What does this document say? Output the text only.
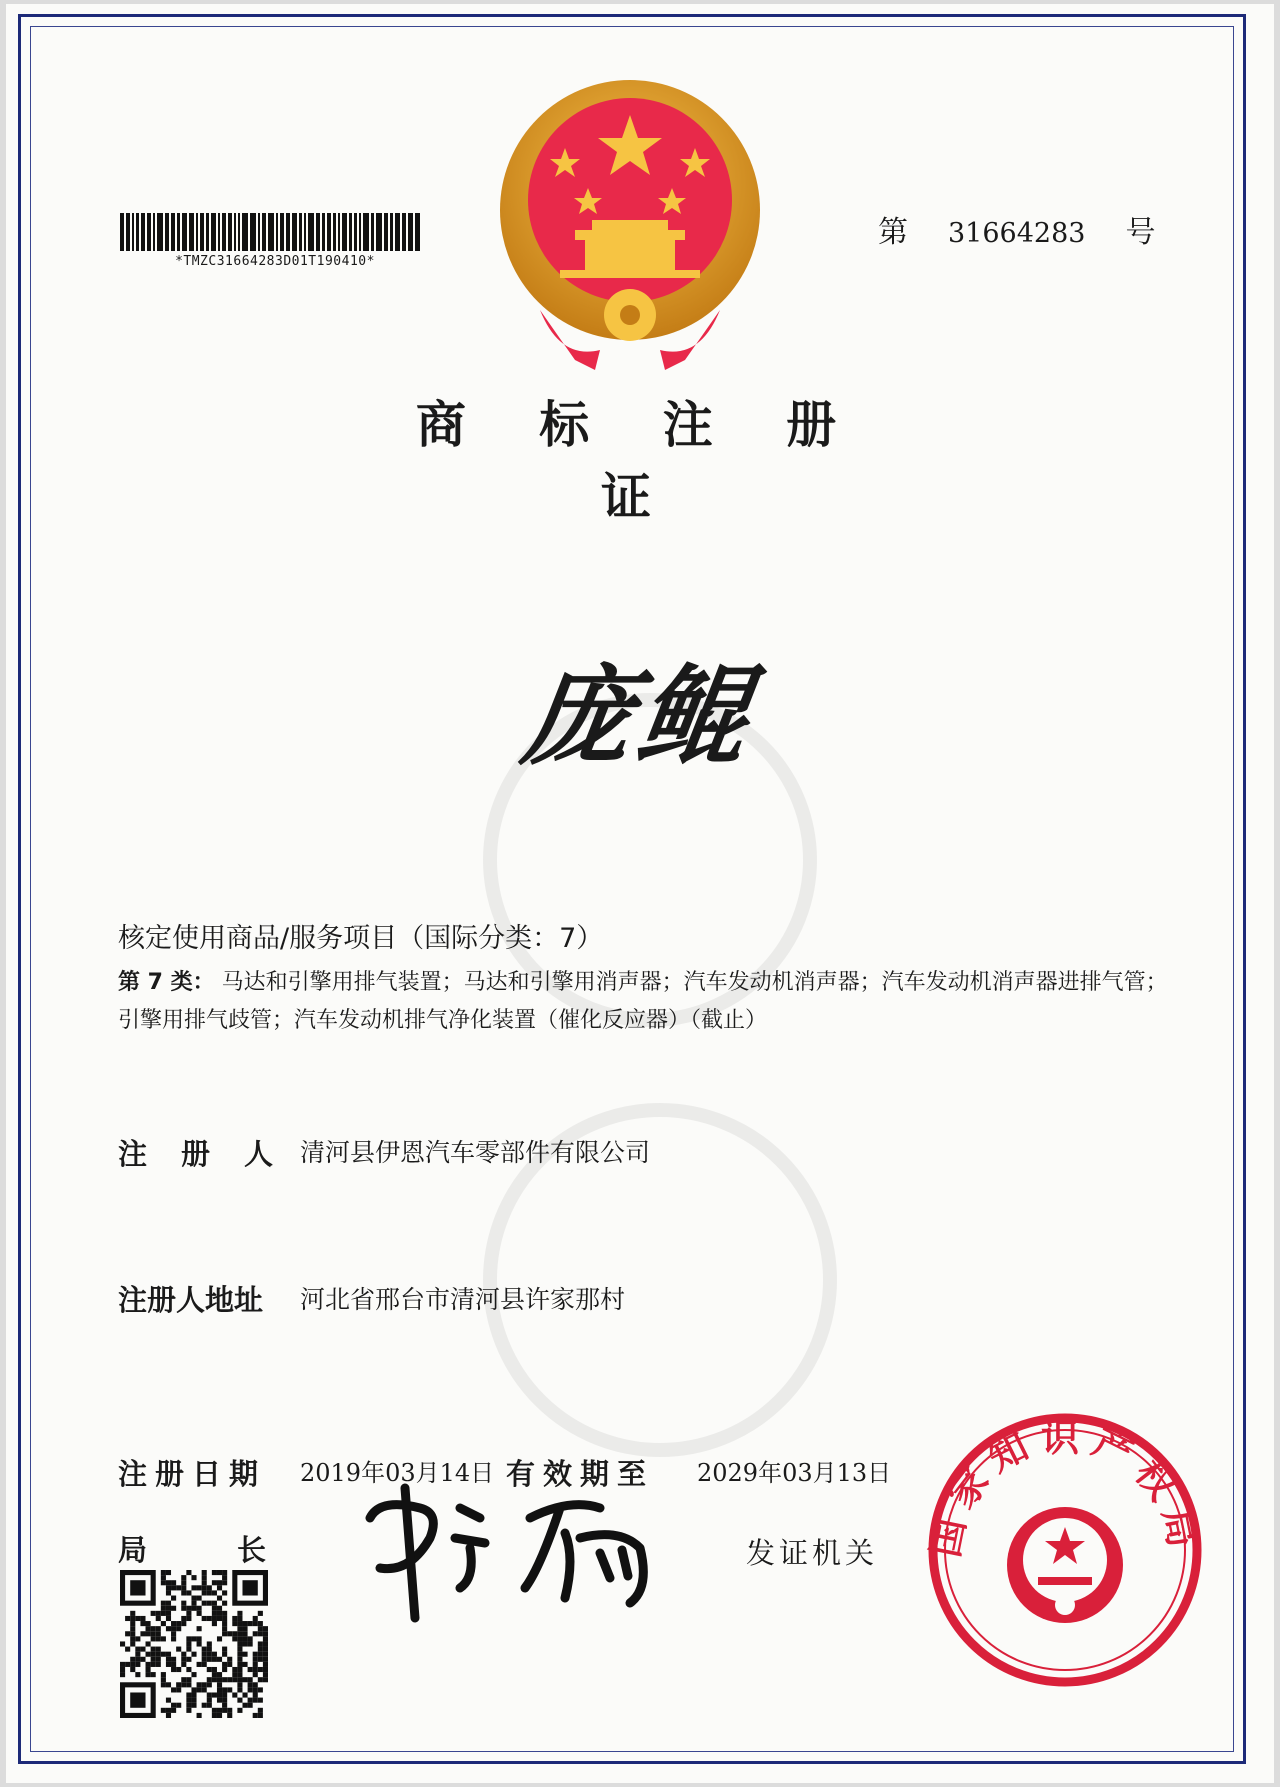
*TMZC31664283D01T190410*
第 31664283 号
商 标 注 册 证
庞鲲
核定使用商品/服务项目（国际分类：7）
第 7 类： 马达和引擎用排气装置；马达和引擎用消声器；汽车发动机消声器；汽车发动机消声器进排气管；引擎用排气歧管；汽车发动机排气净化装置（催化反应器）（截止）
注册人
清河县伊恩汽车零部件有限公司
注册人地址 河北省邢台市清河县许家那村
注册日期 2019年03月14日 有效期至 2029年03月13日
局长	发证机关 国家知识产权局
